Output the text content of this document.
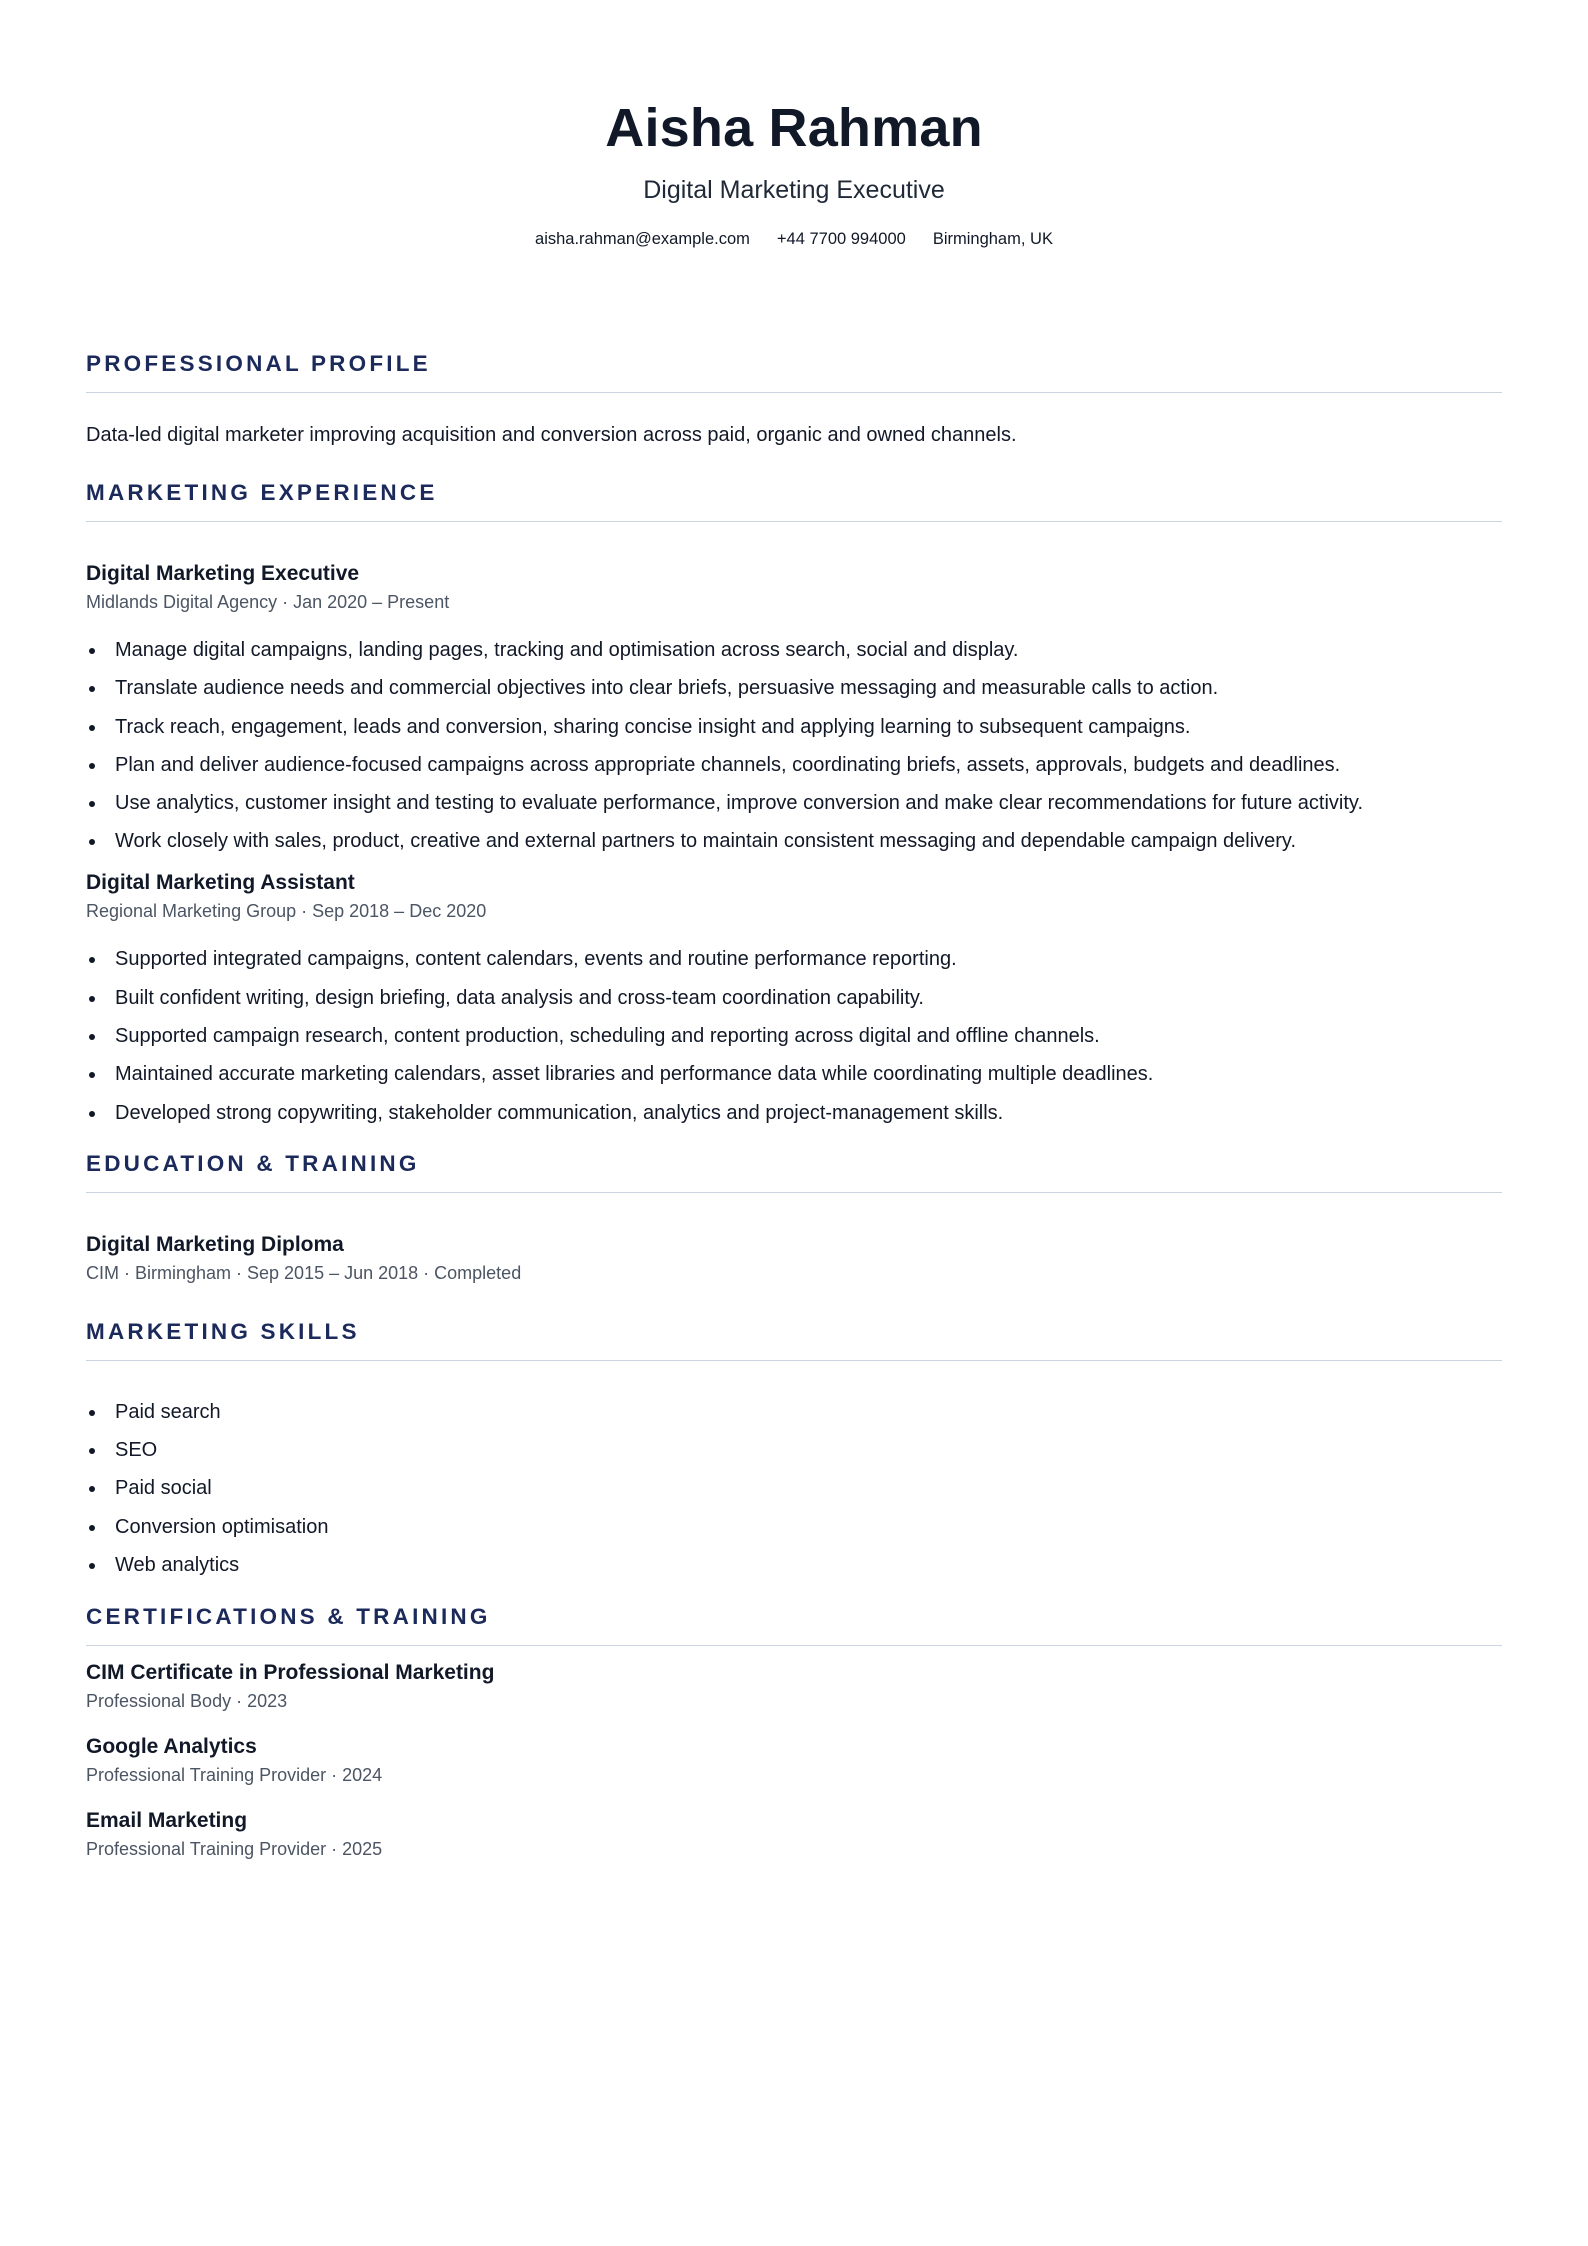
Aisha Rahman
Digital Marketing Executive
aisha.rahman@example.com +44 7700 994000 Birmingham, UK
PROFESSIONAL PROFILE
Data-led digital marketer improving acquisition and conversion across paid, organic and owned channels.
MARKETING EXPERIENCE
Digital Marketing Executive
Midlands Digital Agency · Jan 2020 – Present
Manage digital campaigns, landing pages, tracking and optimisation across search, social and display.
Translate audience needs and commercial objectives into clear briefs, persuasive messaging and measurable calls to action.
Track reach, engagement, leads and conversion, sharing concise insight and applying learning to subsequent campaigns.
Plan and deliver audience-focused campaigns across appropriate channels, coordinating briefs, assets, approvals, budgets and deadlines.
Use analytics, customer insight and testing to evaluate performance, improve conversion and make clear recommendations for future activity.
Work closely with sales, product, creative and external partners to maintain consistent messaging and dependable campaign delivery.
Digital Marketing Assistant
Regional Marketing Group · Sep 2018 – Dec 2020
Supported integrated campaigns, content calendars, events and routine performance reporting.
Built confident writing, design briefing, data analysis and cross-team coordination capability.
Supported campaign research, content production, scheduling and reporting across digital and offline channels.
Maintained accurate marketing calendars, asset libraries and performance data while coordinating multiple deadlines.
Developed strong copywriting, stakeholder communication, analytics and project-management skills.
EDUCATION & TRAINING
Digital Marketing Diploma
CIM · Birmingham · Sep 2015 – Jun 2018 · Completed
MARKETING SKILLS
Paid search
SEO
Paid social
Conversion optimisation
Web analytics
CERTIFICATIONS & TRAINING
CIM Certificate in Professional Marketing
Professional Body · 2023
Google Analytics
Professional Training Provider · 2024
Email Marketing
Professional Training Provider · 2025
